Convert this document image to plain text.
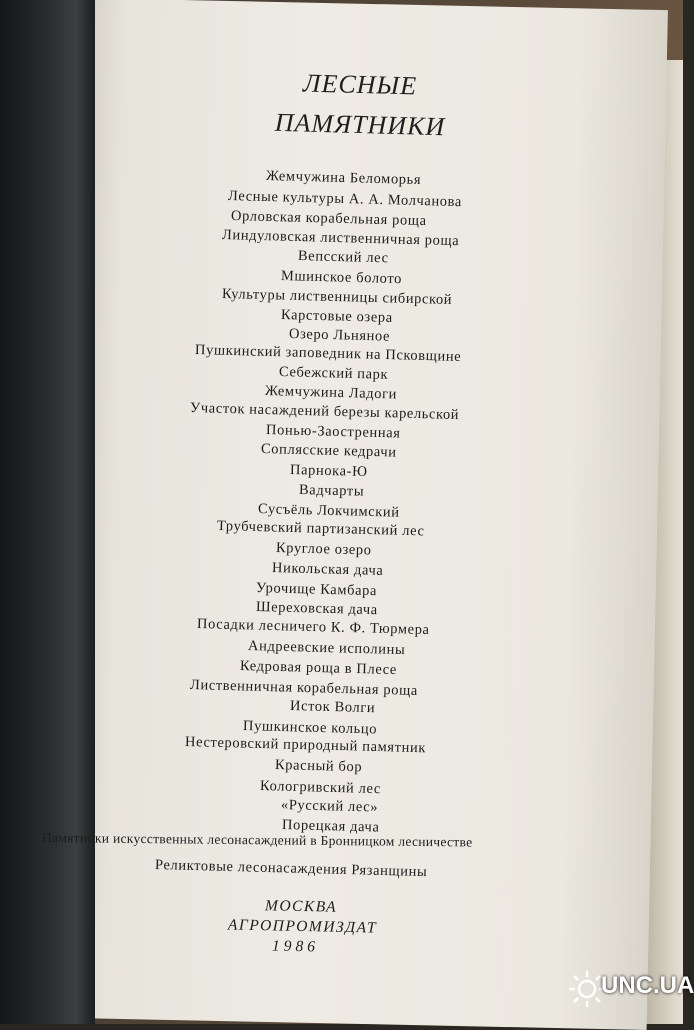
ЛЕСНЫЕ
ПАМЯТНИКИ
Жемчужина Беломорья
Лесные культуры А. А. Молчанова
Орловская корабельная роща
Линдуловская лиственничная роща
Вепсский лес
Мшинское болото
Культуры лиственницы сибирской
Карстовые озера
Озеро Льняное
Пушкинский заповедник на Псковщине
Себежский парк
Жемчужина Ладоги
Участок насаждений березы карельской
Понью-Заостренная
Соплясские кедрачи
Парнока-Ю
Вадчарты
Сусъёль Локчимский
Трубчевский партизанский лес
Круглое озеро
Никольская дача
Урочище Камбара
Шереховская дача
Посадки лесничего К. Ф. Тюрмера
Андреевские исполины
Кедровая роща в Плесе
Лиственничная корабельная роща
Исток Волги
Пушкинское кольцо
Нестеровский природный памятник
Красный бор
Кологривский лес
«Русский лес»
Порецкая дача
Памятники искусственных лесонасаждений в Бронницком лесничестве
Реликтовые лесонасаждения Рязанщины
МОСКВА
АГРОПРОМИЗДАТ
1986
UNC.UA
